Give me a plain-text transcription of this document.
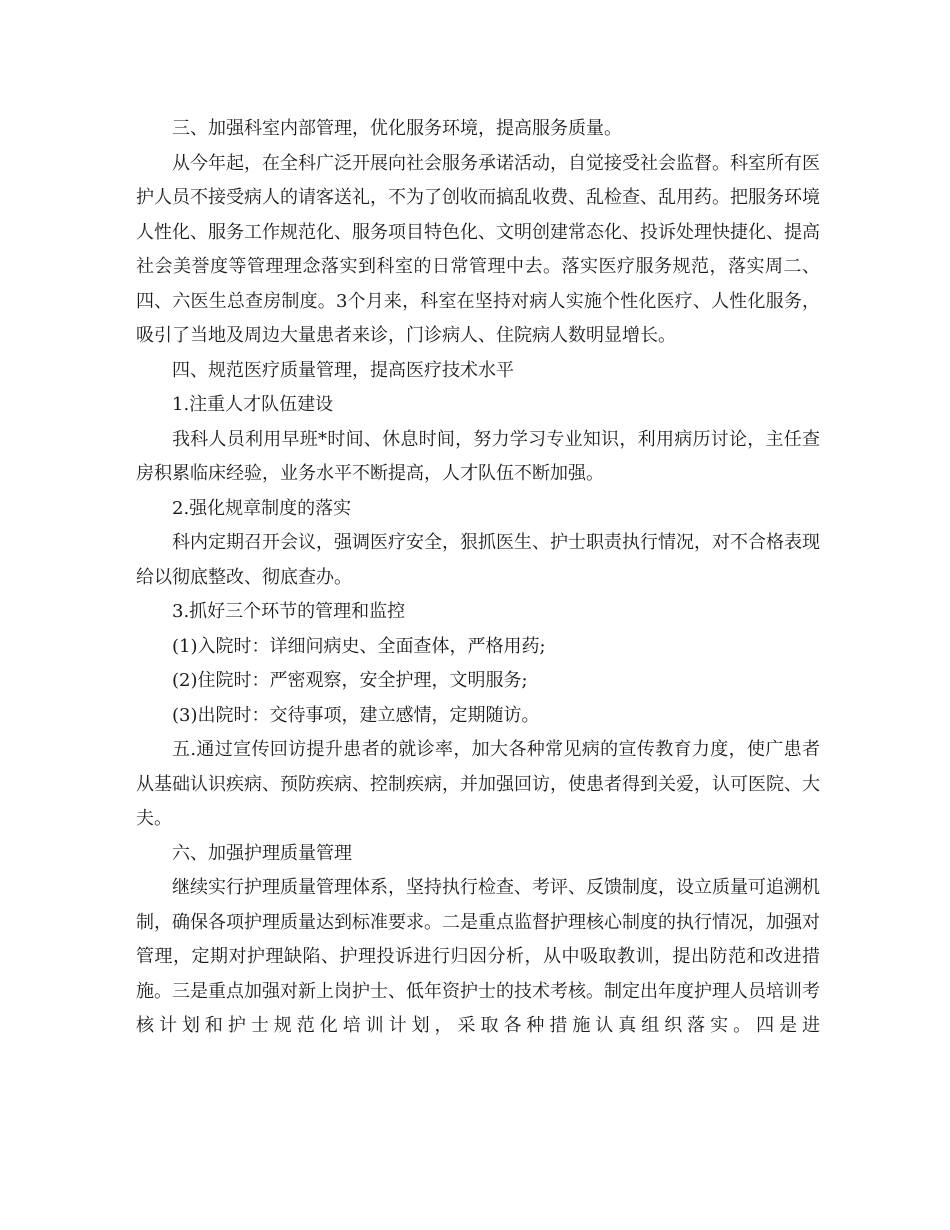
三、加强科室内部管理，优化服务环境，提高服务质量。

从今年起，在全科广泛开展向社会服务承诺活动，自觉接受社会监督。科室所有医护人员不接受病人的请客送礼，不为了创收而搞乱收费、乱检查、乱用药。把服务环境人性化、服务工作规范化、服务项目特色化、文明创建常态化、投诉处理快捷化、提高社会美誉度等管理理念落实到科室的日常管理中去。落实医疗服务规范，落实周二、四、六医生总查房制度。3个月来，科室在坚持对病人实施个性化医疗、人性化服务，吸引了当地及周边大量患者来诊，门诊病人、住院病人数明显增长。

四、规范医疗质量管理，提高医疗技术水平

1.注重人才队伍建设

我科人员利用早班*时间、休息时间，努力学习专业知识，利用病历讨论，主任查房积累临床经验，业务水平不断提高，人才队伍不断加强。

2.强化规章制度的落实

科内定期召开会议，强调医疗安全，狠抓医生、护士职责执行情况，对不合格表现给以彻底整改、彻底查办。

3.抓好三个环节的管理和监控

(1)入院时：详细问病史、全面查体，严格用药;

(2)住院时：严密观察，安全护理，文明服务;

(3)出院时：交待事项，建立感情，定期随访。

五.通过宣传回访提升患者的就诊率，加大各种常见病的宣传教育力度，使广患者从基础认识疾病、预防疾病、控制疾病，并加强回访，使患者得到关爱，认可医院、大夫。

六、加强护理质量管理

继续实行护理质量管理体系，坚持执行检查、考评、反馈制度，设立质量可追溯机制，确保各项护理质量达到标准要求。二是重点监督护理核心制度的执行情况，加强对管理，定期对护理缺陷、护理投诉进行归因分析，从中吸取教训，提出防范和改进措施。三是重点加强对新上岗护士、低年资护士的技术考核。制定出年度护理人员培训考核计划和护士规范化培训计划，采取各种措施认真组织落实。四是进
